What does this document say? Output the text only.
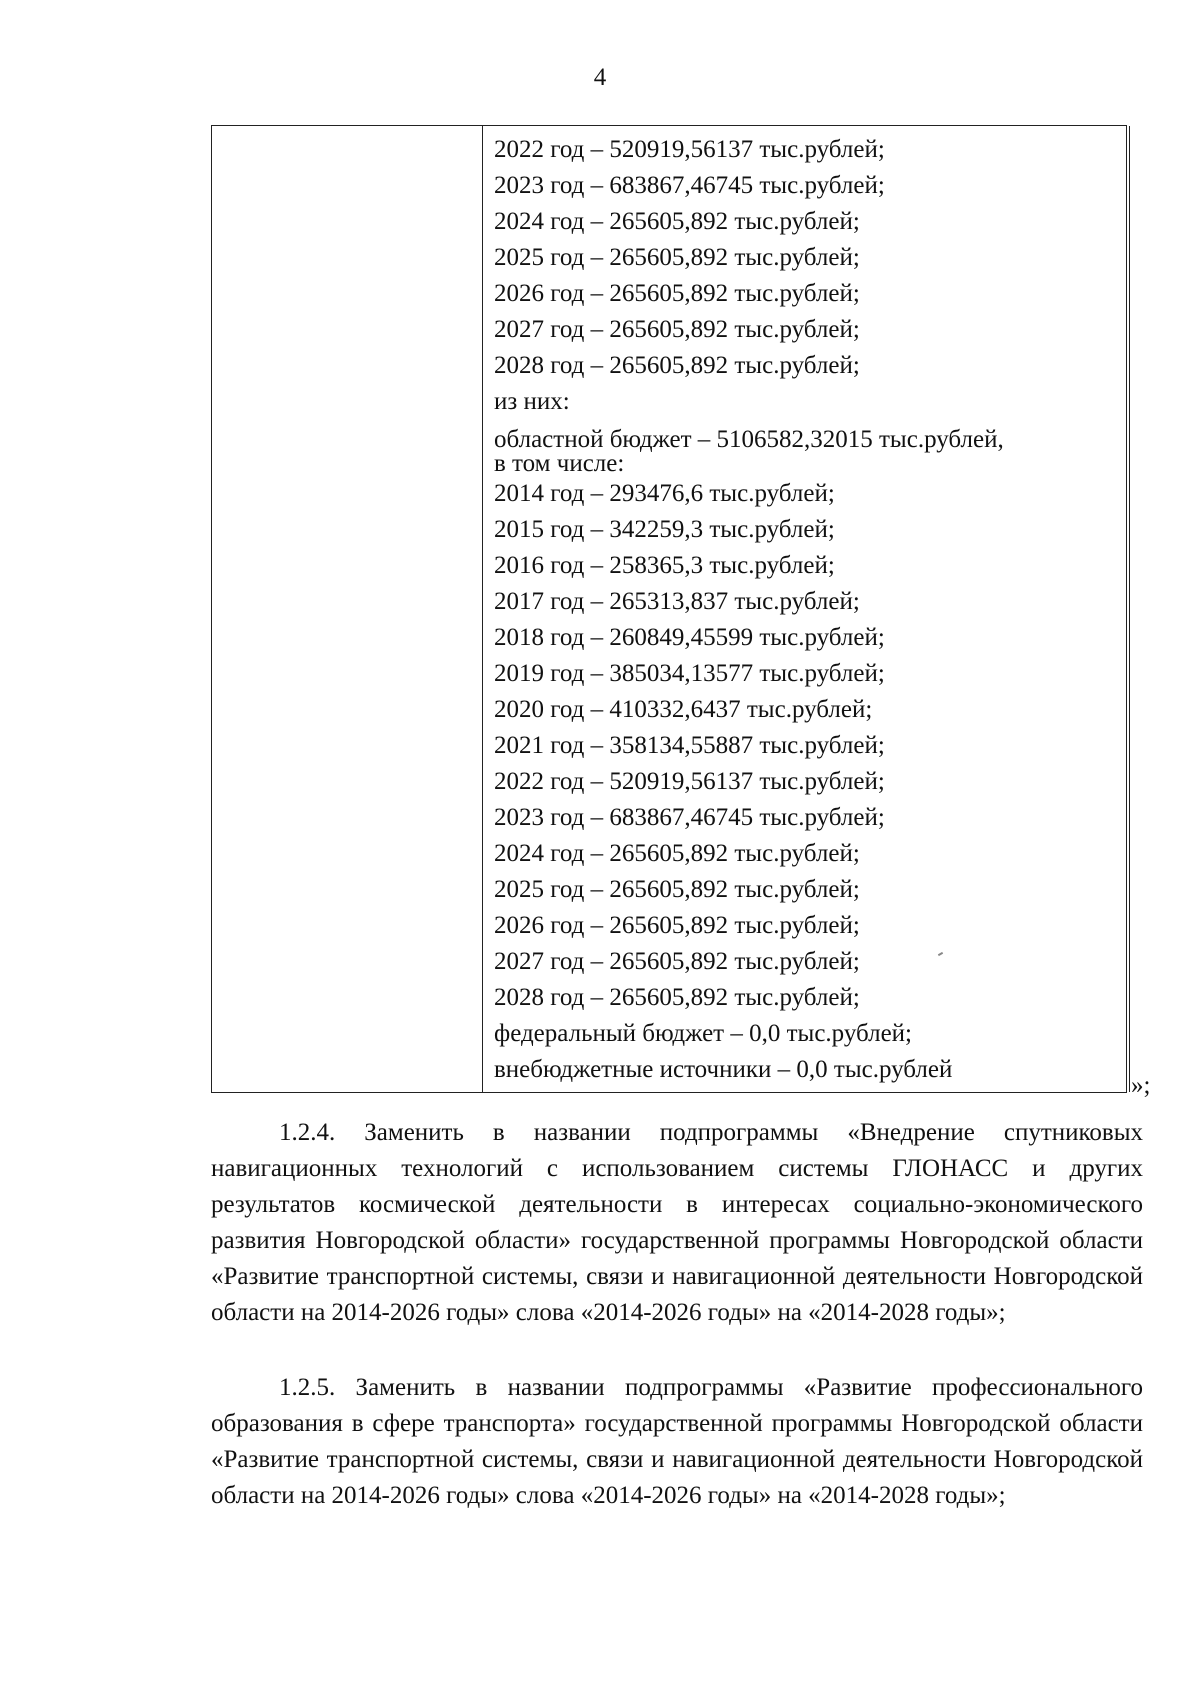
4
2022 год – 520919,56137 тыс.рублей;
2023 год – 683867,46745 тыс.рублей;
2024 год – 265605,892 тыс.рублей;
2025 год – 265605,892 тыс.рублей;
2026 год – 265605,892 тыс.рублей;
2027 год – 265605,892 тыс.рублей;
2028 год – 265605,892 тыс.рублей;
из них:
областной бюджет – 5106582,32015 тыс.рублей,
в том числе:
2014 год – 293476,6 тыс.рублей;
2015 год – 342259,3 тыс.рублей;
2016 год – 258365,3 тыс.рублей;
2017 год – 265313,837 тыс.рублей;
2018 год – 260849,45599 тыс.рублей;
2019 год – 385034,13577 тыс.рублей;
2020 год – 410332,6437 тыс.рублей;
2021 год – 358134,55887 тыс.рублей;
2022 год – 520919,56137 тыс.рублей;
2023 год – 683867,46745 тыс.рублей;
2024 год – 265605,892 тыс.рублей;
2025 год – 265605,892 тыс.рублей;
2026 год – 265605,892 тыс.рублей;
2027 год – 265605,892 тыс.рублей;
2028 год – 265605,892 тыс.рублей;
федеральный бюджет – 0,0 тыс.рублей;
внебюджетные источники – 0,0 тыс.рублей
»;

1.2.4. Заменить в названии подпрограммы «Внедрение спутниковых навигационных технологий с использованием системы ГЛОНАСС и других результатов космической деятельности в интересах социально-экономического развития Новгородской области» государственной программы Новгородской области «Развитие транспортной системы, связи и навигационной деятельности Новгородской области на 2014-2026 годы» слова «2014-2026 годы» на «2014-2028 годы»;

1.2.5. Заменить в названии подпрограммы «Развитие профессионального образования в сфере транспорта» государственной программы Новгородской области «Развитие транспортной системы, связи и навигационной деятельности Новгородской области на 2014-2026 годы» слова «2014-2026 годы» на «2014-2028 годы»;
